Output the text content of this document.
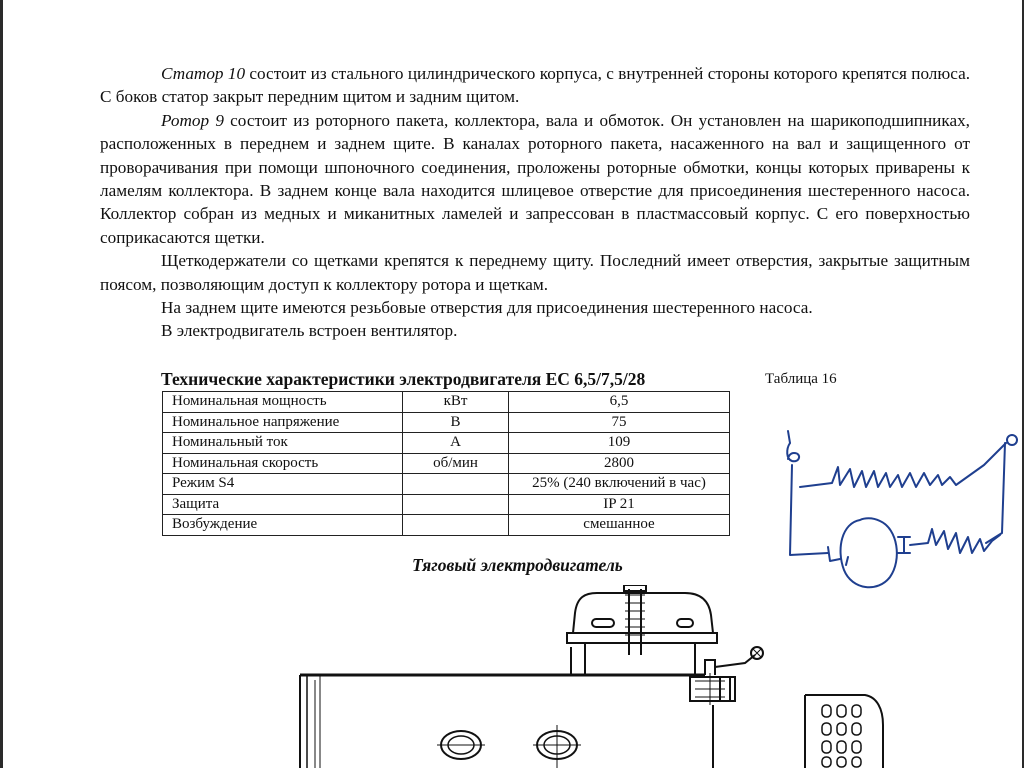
Статор 10 состоит из стального цилиндрического корпуса, с внутренней стороны которого крепятся полюса. С боков статор закрыт передним щитом и задним щитом.

Ротор 9 состоит из роторного пакета, коллектора, вала и обмоток. Он установлен на шарикоподшипниках, расположенных в переднем и заднем щите. В каналах роторного пакета, насаженного на вал и защищенного от проворачивания при помощи шпоночного соединения, проложены роторные обмотки, концы которых приварены к ламелям коллектора. В заднем конце вала находится шлицевое отверстие для присоединения шестеренного насоса. Коллектор собран из медных и миканитных ламелей и запрессован в пластмассовый корпус. С его поверхностью соприкасаются щетки.

Щеткодержатели со щетками крепятся к переднему щиту. Последний имеет отверстия, закрытые защитным поясом, позволяющим доступ к коллектору ротора и щеткам.

На заднем щите имеются резьбовые отверстия для присоединения шестеренного насоса.

В электродвигатель встроен вентилятор.

Технические характеристики электродвигателя ЕС 6,5/7,5/28	Таблица 16
Номинальная мощность	кВт	6,5
Номинальное напряжение	В	75
Номинальный ток	А	109
Номинальная скорость	об/мин	2800
Режим S4		25% (240 включений в час)
Защита		IP 21
Возбуждение		смешанное
Тяговый электродвигатель
